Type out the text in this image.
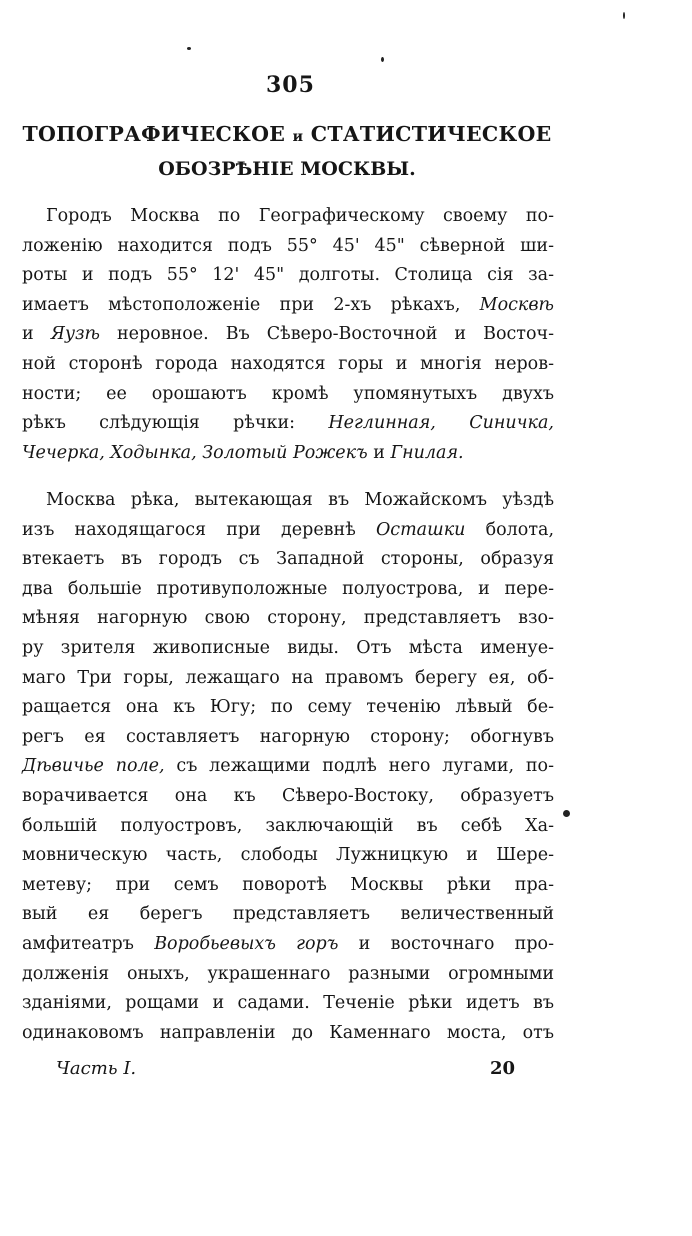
305
ТОПОГРАФИЧЕСКОЕ и СТАТИСТИЧЕСКОЕ
ОБОЗРѢНІЕ МОСКВЫ.
Городъ Москва по Географическому своему по-
ложенію находится подъ 55° 45' 45" сѣверной ши-
роты и подъ 55° 12' 45" долготы. Столица сія за-
имаетъ мѣстоположеніе при 2-хъ рѣкахъ, Москвѣ
и Яузѣ неровное. Въ Сѣверо-Восточной и Восточ-
ной сторонѣ города находятся горы и многія неров-
ности; ее орошаютъ кромѣ упомянутыхъ двухъ
рѣкъ слѣдующія рѣчки: Неглинная, Синичка,
Чечерка, Ходынка, Золотый Рожекъ и Гнилая.
Москва рѣка, вытекающая въ Можайскомъ уѣздѣ
изъ находящагося при деревнѣ Осташки болота,
втекаетъ въ городъ съ Западной стороны, образуя
два большіе противуположные полуострова, и пере-
мѣняя нагорную свою сторону, представляетъ взо-
ру зрителя живописные виды. Отъ мѣста именуе-
маго Три горы, лежащаго на правомъ берегу ея, об-
ращается она къ Югу; по сему теченію лѣвый бе-
регъ ея составляетъ нагорную сторону; обогнувъ
Дѣвичье поле, съ лежащими подлѣ него лугами, по-
ворачивается она къ Сѣверо-Востоку, образуетъ
большій полуостровъ, заключающій въ себѣ Ха-
мовническую часть, слободы Лужницкую и Шере-
метеву; при семъ поворотѣ Москвы рѣки пра-
вый ея берегъ представляетъ величественный
амфитеатръ Воробьевыхъ горъ и восточнаго про-
долженія оныхъ, украшеннаго разными огромными
зданіями, рощами и садами. Теченіе рѣки идетъ въ
одинаковомъ направленіи до Каменнаго моста, отъ
Часть I.	20
